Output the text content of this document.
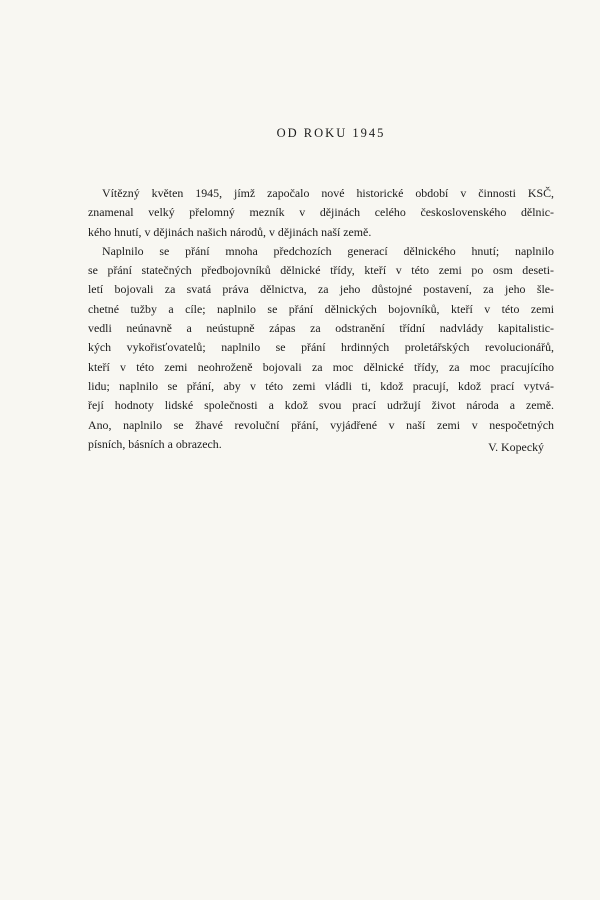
OD ROKU 1945

Vítězný květen 1945, jímž započalo nové historické období v činnosti KSČ,
znamenal velký přelomný mezník v dějinách celého československého dělnic-
kého hnutí, v dějinách našich národů, v dějinách naší země.

Naplnilo se přání mnoha předchozích generací dělnického hnutí; naplnilo
se přání statečných předbojovníků dělnické třídy, kteří v této zemi po osm deseti-
letí bojovali za svatá práva dělnictva, za jeho důstojné postavení, za jeho šle-
chetné tužby a cíle; naplnilo se přání dělnických bojovníků, kteří v této zemi
vedli neúnavně a neústupně zápas za odstranění třídní nadvlády kapitalistic-
kých vykořisťovatelů; naplnilo se přání hrdinných proletářských revolucionářů,
kteří v této zemi neohroženě bojovali za moc dělnické třídy, za moc pracujícího
lidu; naplnilo se přání, aby v této zemi vládli ti, kdož pracují, kdož prací vytvá-
řejí hodnoty lidské společnosti a kdož svou prací udržují život národa a země.
Ano, naplnilo se žhavé revoluční přání, vyjádřené v naší zemi v nespočetných
písních, básních a obrazech.	V. Kopecký
